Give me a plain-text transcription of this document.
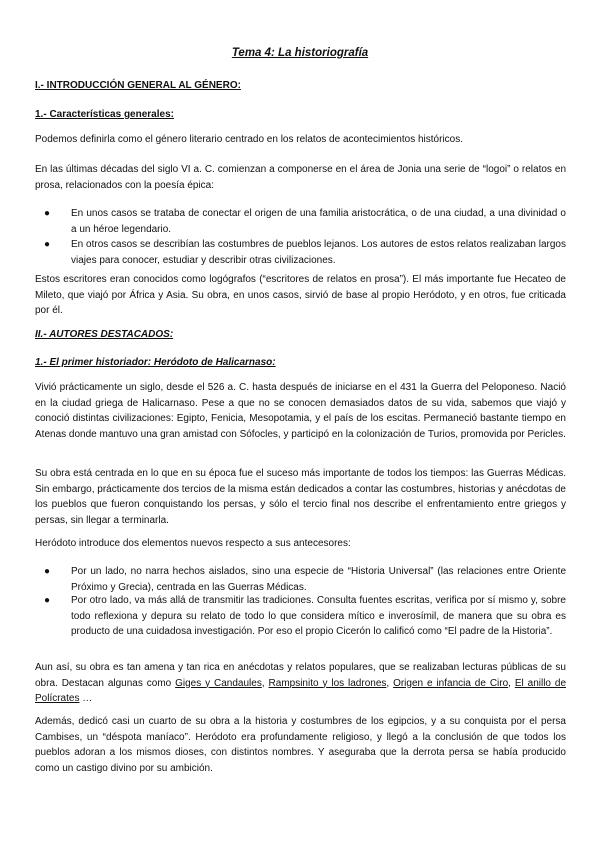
Tema 4: La historiografía
I.- INTRODUCCIÓN GENERAL AL GÉNERO:
1.- Características generales:
Podemos definirla como el género literario centrado en los relatos de acontecimientos históricos.
En las últimas décadas del siglo VI a. C. comienzan a componerse en el área de Jonia una serie de “logoi” o relatos en prosa, relacionados con la poesía épica:
●	En unos casos se trataba de conectar el origen de una familia aristocrática, o de una ciudad, a una divinidad o a un héroe legendario.
●	En otros casos se describían las costumbres de pueblos lejanos. Los autores de estos relatos realizaban largos viajes para conocer, estudiar y describir otras civilizaciones.
Estos escritores eran conocidos como logógrafos (“escritores de relatos en prosa”). El más importante fue Hecateo de Mileto, que viajó por África y Asia. Su obra, en unos casos, sirvió de base al propio Heródoto, y en otros, fue criticada por él.
II.- AUTORES DESTACADOS:
1.- El primer historiador: Heródoto de Halicarnaso:
Vivió prácticamente un siglo, desde el 526 a. C. hasta después de iniciarse en el 431 la Guerra del Peloponeso. Nació en la ciudad griega de Halicarnaso. Pese a que no se conocen demasiados datos de su vida, sabemos que viajó y conoció distintas civilizaciones: Egipto, Fenicia, Mesopotamia, y el país de los escitas. Permaneció bastante tiempo en Atenas donde mantuvo una gran amistad con Sófocles, y participó en la colonización de Turios, promovida por Pericles.
Su obra está centrada en lo que en su época fue el suceso más importante de todos los tiempos: las Guerras Médicas. Sin embargo, prácticamente dos tercios de la misma están dedicados a contar las costumbres, historias y anécdotas de los pueblos que fueron conquistando los persas, y sólo el tercio final nos describe el enfrentamiento entre griegos y persas, sin llegar a terminarla.
Heródoto introduce dos elementos nuevos respecto a sus antecesores:
●	Por un lado, no narra hechos aislados, sino una especie de “Historia Universal” (las relaciones entre Oriente Próximo y Grecia), centrada en las Guerras Médicas.
●	Por otro lado, va más allá de transmitir las tradiciones. Consulta fuentes escritas, verifica por sí mismo y, sobre todo reflexiona y depura su relato de todo lo que considera mítico e inverosímil, de manera que su obra es producto de una cuidadosa investigación. Por eso el propio Cicerón lo calificó como “El padre de la Historia”.
Aun así, su obra es tan amena y tan rica en anécdotas y relatos populares, que se realizaban lecturas públicas de su obra. Destacan algunas como Giges y Candaules, Rampsinito y los ladrones, Origen e infancia de Ciro, El anillo de Polícrates …
Además, dedicó casi un cuarto de su obra a la historia y costumbres de los egipcios, y a su conquista por el persa Cambises, un “déspota maníaco”. Heródoto era profundamente religioso, y llegó a la conclusión de que todos los pueblos adoran a los mismos dioses, con distintos nombres. Y aseguraba que la derrota persa se había producido como un castigo divino por su ambición.
